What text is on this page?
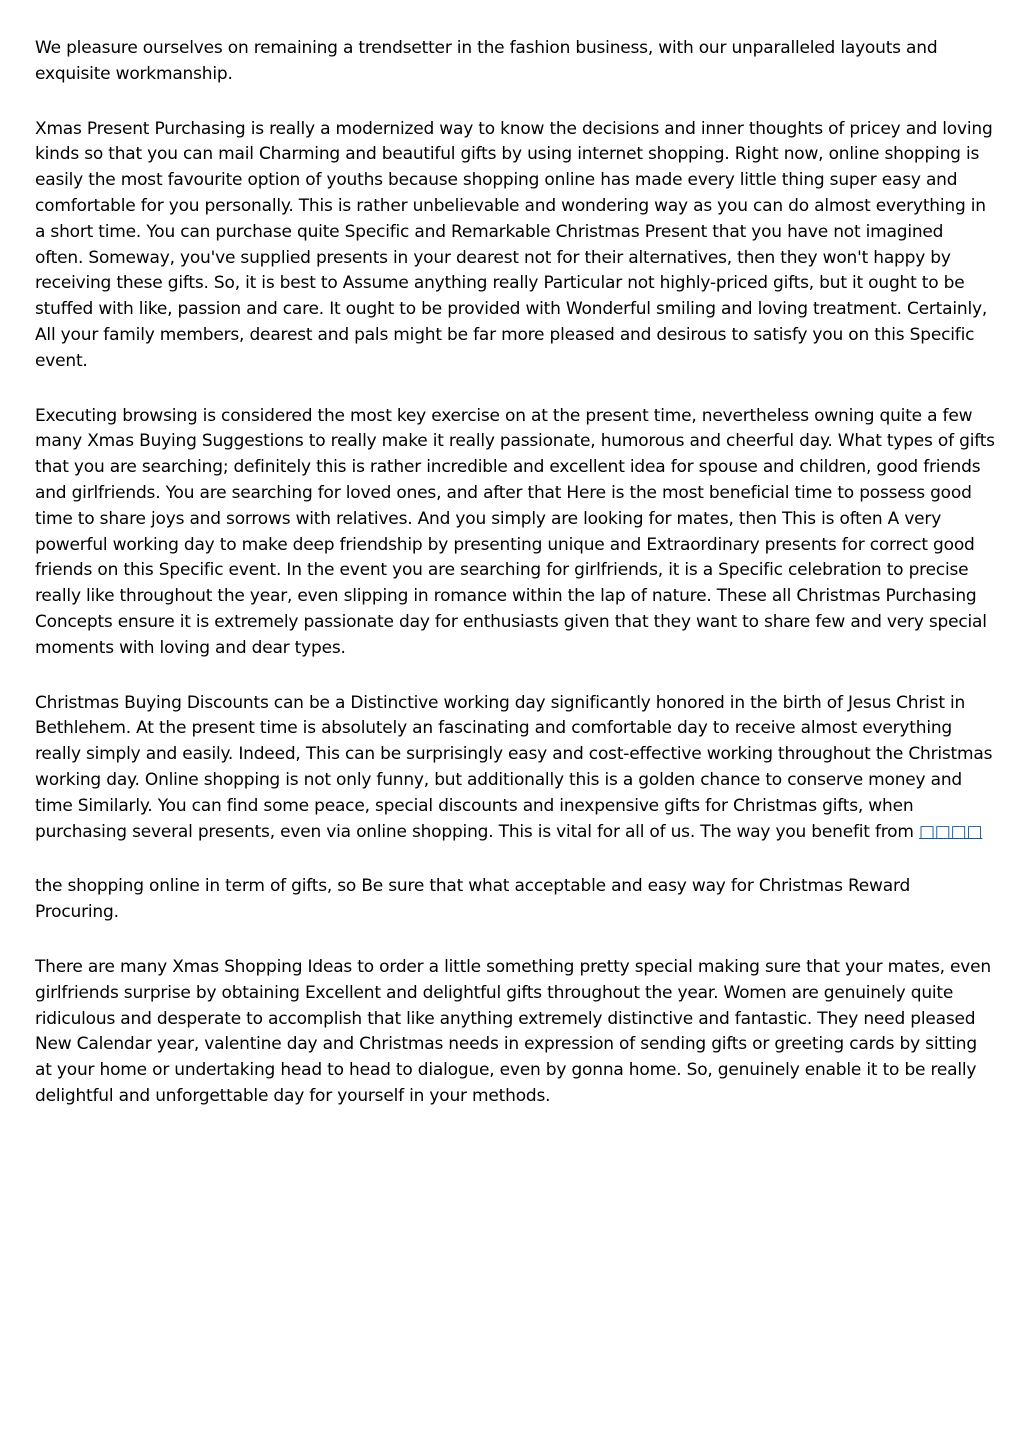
We pleasure ourselves on remaining a trendsetter in the fashion business, with our unparalleled layouts and exquisite workmanship.

Xmas Present Purchasing is really a modernized way to know the decisions and inner thoughts of pricey and loving kinds so that you can mail Charming and beautiful gifts by using internet shopping. Right now, online shopping is easily the most favourite option of youths because shopping online has made every little thing super easy and comfortable for you personally. This is rather unbelievable and wondering way as you can do almost everything in a short time. You can purchase quite Specific and Remarkable Christmas Present that you have not imagined often. Someway, you've supplied presents in your dearest not for their alternatives, then they won't happy by receiving these gifts. So, it is best to Assume anything really Particular not highly-priced gifts, but it ought to be stuffed with like, passion and care. It ought to be provided with Wonderful smiling and loving treatment. Certainly, All your family members, dearest and pals might be far more pleased and desirous to satisfy you on this Specific event.

Executing browsing is considered the most key exercise on at the present time, nevertheless owning quite a few many Xmas Buying Suggestions to really make it really passionate, humorous and cheerful day. What types of gifts that you are searching; definitely this is rather incredible and excellent idea for spouse and children, good friends and girlfriends. You are searching for loved ones, and after that Here is the most beneficial time to possess good time to share joys and sorrows with relatives. And you simply are looking for mates, then This is often A very powerful working day to make deep friendship by presenting unique and Extraordinary presents for correct good friends on this Specific event. In the event you are searching for girlfriends, it is a Specific celebration to precise really like throughout the year, even slipping in romance within the lap of nature. These all Christmas Purchasing Concepts ensure it is extremely passionate day for enthusiasts given that they want to share few and very special moments with loving and dear types.

Christmas Buying Discounts can be a Distinctive working day significantly honored in the birth of Jesus Christ in Bethlehem. At the present time is absolutely an fascinating and comfortable day to receive almost everything really simply and easily. Indeed, This can be surprisingly easy and cost-effective working throughout the Christmas working day. Online shopping is not only funny, but additionally this is a golden chance to conserve money and time Similarly. You can find some peace, special discounts and inexpensive gifts for Christmas gifts, when purchasing several presents, even via online shopping. This is vital for all of us. The way you benefit from □□□□

the shopping online in term of gifts, so Be sure that what acceptable and easy way for Christmas Reward Procuring.

There are many Xmas Shopping Ideas to order a little something pretty special making sure that your mates, even girlfriends surprise by obtaining Excellent and delightful gifts throughout the year. Women are genuinely quite ridiculous and desperate to accomplish that like anything extremely distinctive and fantastic. They need pleased New Calendar year, valentine day and Christmas needs in expression of sending gifts or greeting cards by sitting at your home or undertaking head to head to dialogue, even by gonna home. So, genuinely enable it to be really delightful and unforgettable day for yourself in your methods.
